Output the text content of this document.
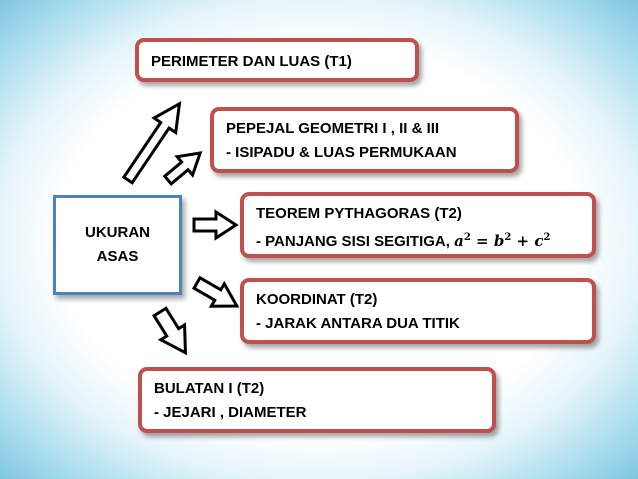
UKURAN
ASAS
PERIMETER DAN LUAS (T1)
PEPEJAL GEOMETRI I , II & III
- ISIPADU & LUAS PERMUKAAN
TEOREM PYTHAGORAS (T2)
- PANJANG SISI SEGITIGA, $a^2 = b^2 + c^2$
KOORDINAT (T2)
- JARAK ANTARA DUA TITIK
BULATAN I (T2)
- JEJARI , DIAMETER
